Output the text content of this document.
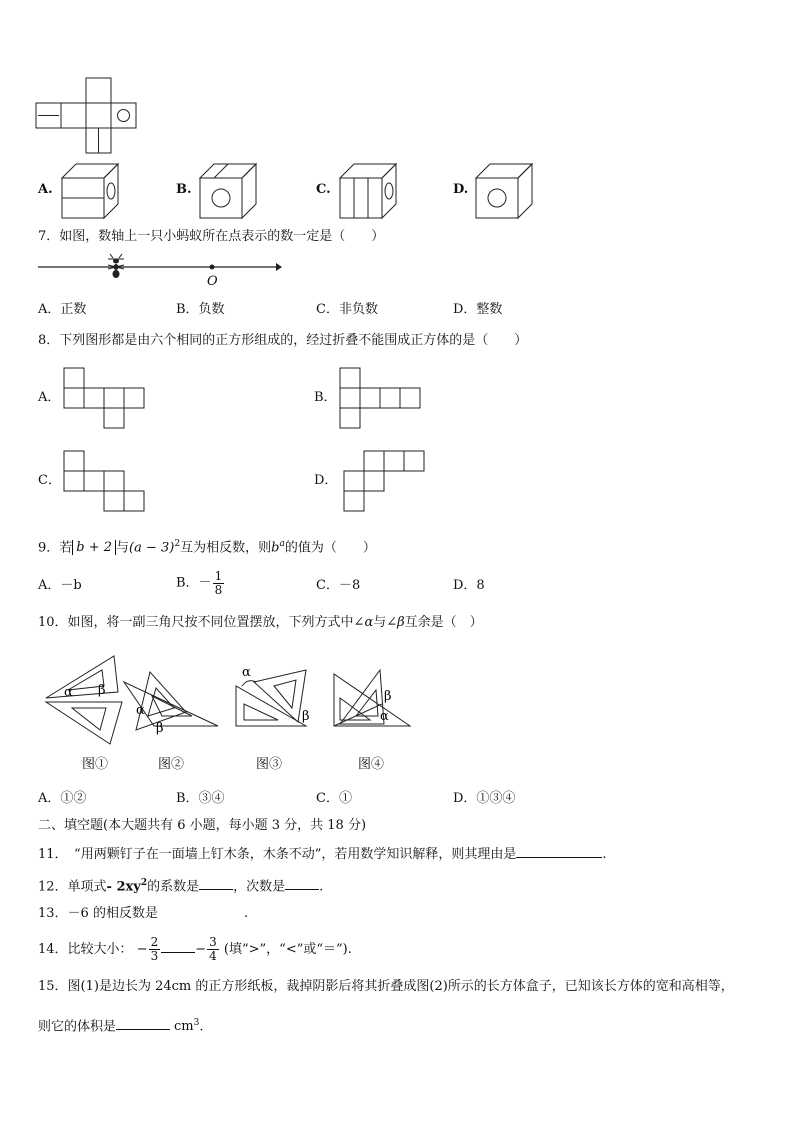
A.	B.	C.	D.
7．如图，数轴上一只小蚂蚁所在点表示的数一定是（　　）
O
A．正数	B．负数	C．非负数	D．整数
8．下列图形都是由六个相同的正方形组成的，经过折叠不能围成正方体的是（　　）
A．	B．
C．	D．
9．若 b + 2 与$(a - 3)^2$互为相反数，则$b^a$的值为（　　）
A．－b	B．－ $\frac{1}{8}$	C．－8	D．8
10．如图，将一副三角尺按不同位置摆放，下列方式中∠α与∠β互余是（　）
α β
α
β
α
β
β
α
图①	图②	图③	图④
A．①②	B．③④	C．①	D．①③④
二、填空题(本大题共有 6 小题，每小题 3 分，共 18 分)
11．　“用两颗钉子在一面墙上钉木条，木条不动”，若用数学知识解释，则其理由是	.
12．单项式- $2xy^2$的系数是	，次数是	.
13．－6 的相反数是	.
14．比较大小： − $\frac{2}{3}$	− $\frac{3}{4}$ (填“>”，“<”或“＝”).
15．图(1)是边长为 24cm 的正方形纸板，裁掉阴影后将其折叠成图(2)所示的长方体盒子，已知该长方体的宽和高相等，
则它的体积是	$cm^3$.
